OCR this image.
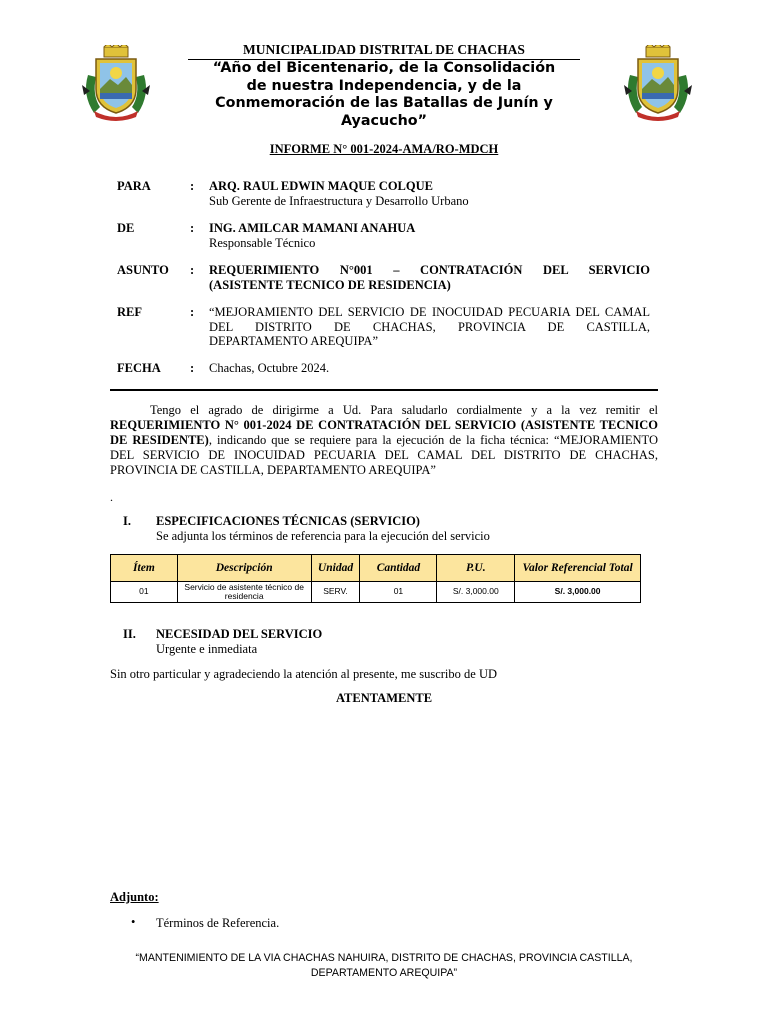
MUNICIPALIDAD DISTRITAL DE CHACHAS
“Año del Bicentenario, de la Consolidación
de nuestra Independencia, y de la
Conmemoración de las Batallas de Junín y
Ayacucho”
INFORME N° 001-2024-AMA/RO-MDCH
PARA	: ARQ. RAUL EDWIN MAQUE COLQUE
Sub Gerente de Infraestructura y Desarrollo Urbano
DE	: ING. AMILCAR MAMANI ANAHUA
Responsable Técnico
ASUNTO : REQUERIMIENTO N°001 – CONTRATACIÓN DEL SERVICIO
(ASISTENTE TECNICO DE RESIDENCIA)
REF	: “MEJORAMIENTO DEL SERVICIO DE INOCUIDAD PECUARIA DEL CAMAL
DEL DISTRITO DE CHACHAS, PROVINCIA DE CASTILLA,
DEPARTAMENTO AREQUIPA”
FECHA : Chachas, Octubre 2024.

Tengo el agrado de dirigirme a Ud. Para saludarlo cordialmente y a la vez remitir el REQUERIMIENTO N° 001-2024 DE CONTRATACIÓN DEL SERVICIO (ASISTENTE TECNICO DE RESIDENTE), indicando que se requiere para la ejecución de la ficha técnica: “MEJORAMIENTO DEL SERVICIO DE INOCUIDAD PECUARIA DEL CAMAL DEL DISTRITO DE CHACHAS, PROVINCIA DE CASTILLA, DEPARTAMENTO AREQUIPA”

.
I. ESPECIFICACIONES TÉCNICAS (SERVICIO)
Se adjunta los términos de referencia para la ejecución del servicio
Ítem	Descripción	Unidad	Cantidad	P.U.	Valor Referencial Total
01	Servicio de asistente técnico de residencia	SERV.	01	S/. 3,000.00	S/. 3,000.00
II. NECESIDAD DEL SERVICIO
Urgente e inmediata
Sin otro particular y agradeciendo la atención al presente, me suscribo de UD
ATENTAMENTE
Adjunto:
• Términos de Referencia.
“MANTENIMIENTO DE LA VIA CHACHAS NAHUIRA, DISTRITO DE CHACHAS, PROVINCIA CASTILLA,
DEPARTAMENTO AREQUIPA”
